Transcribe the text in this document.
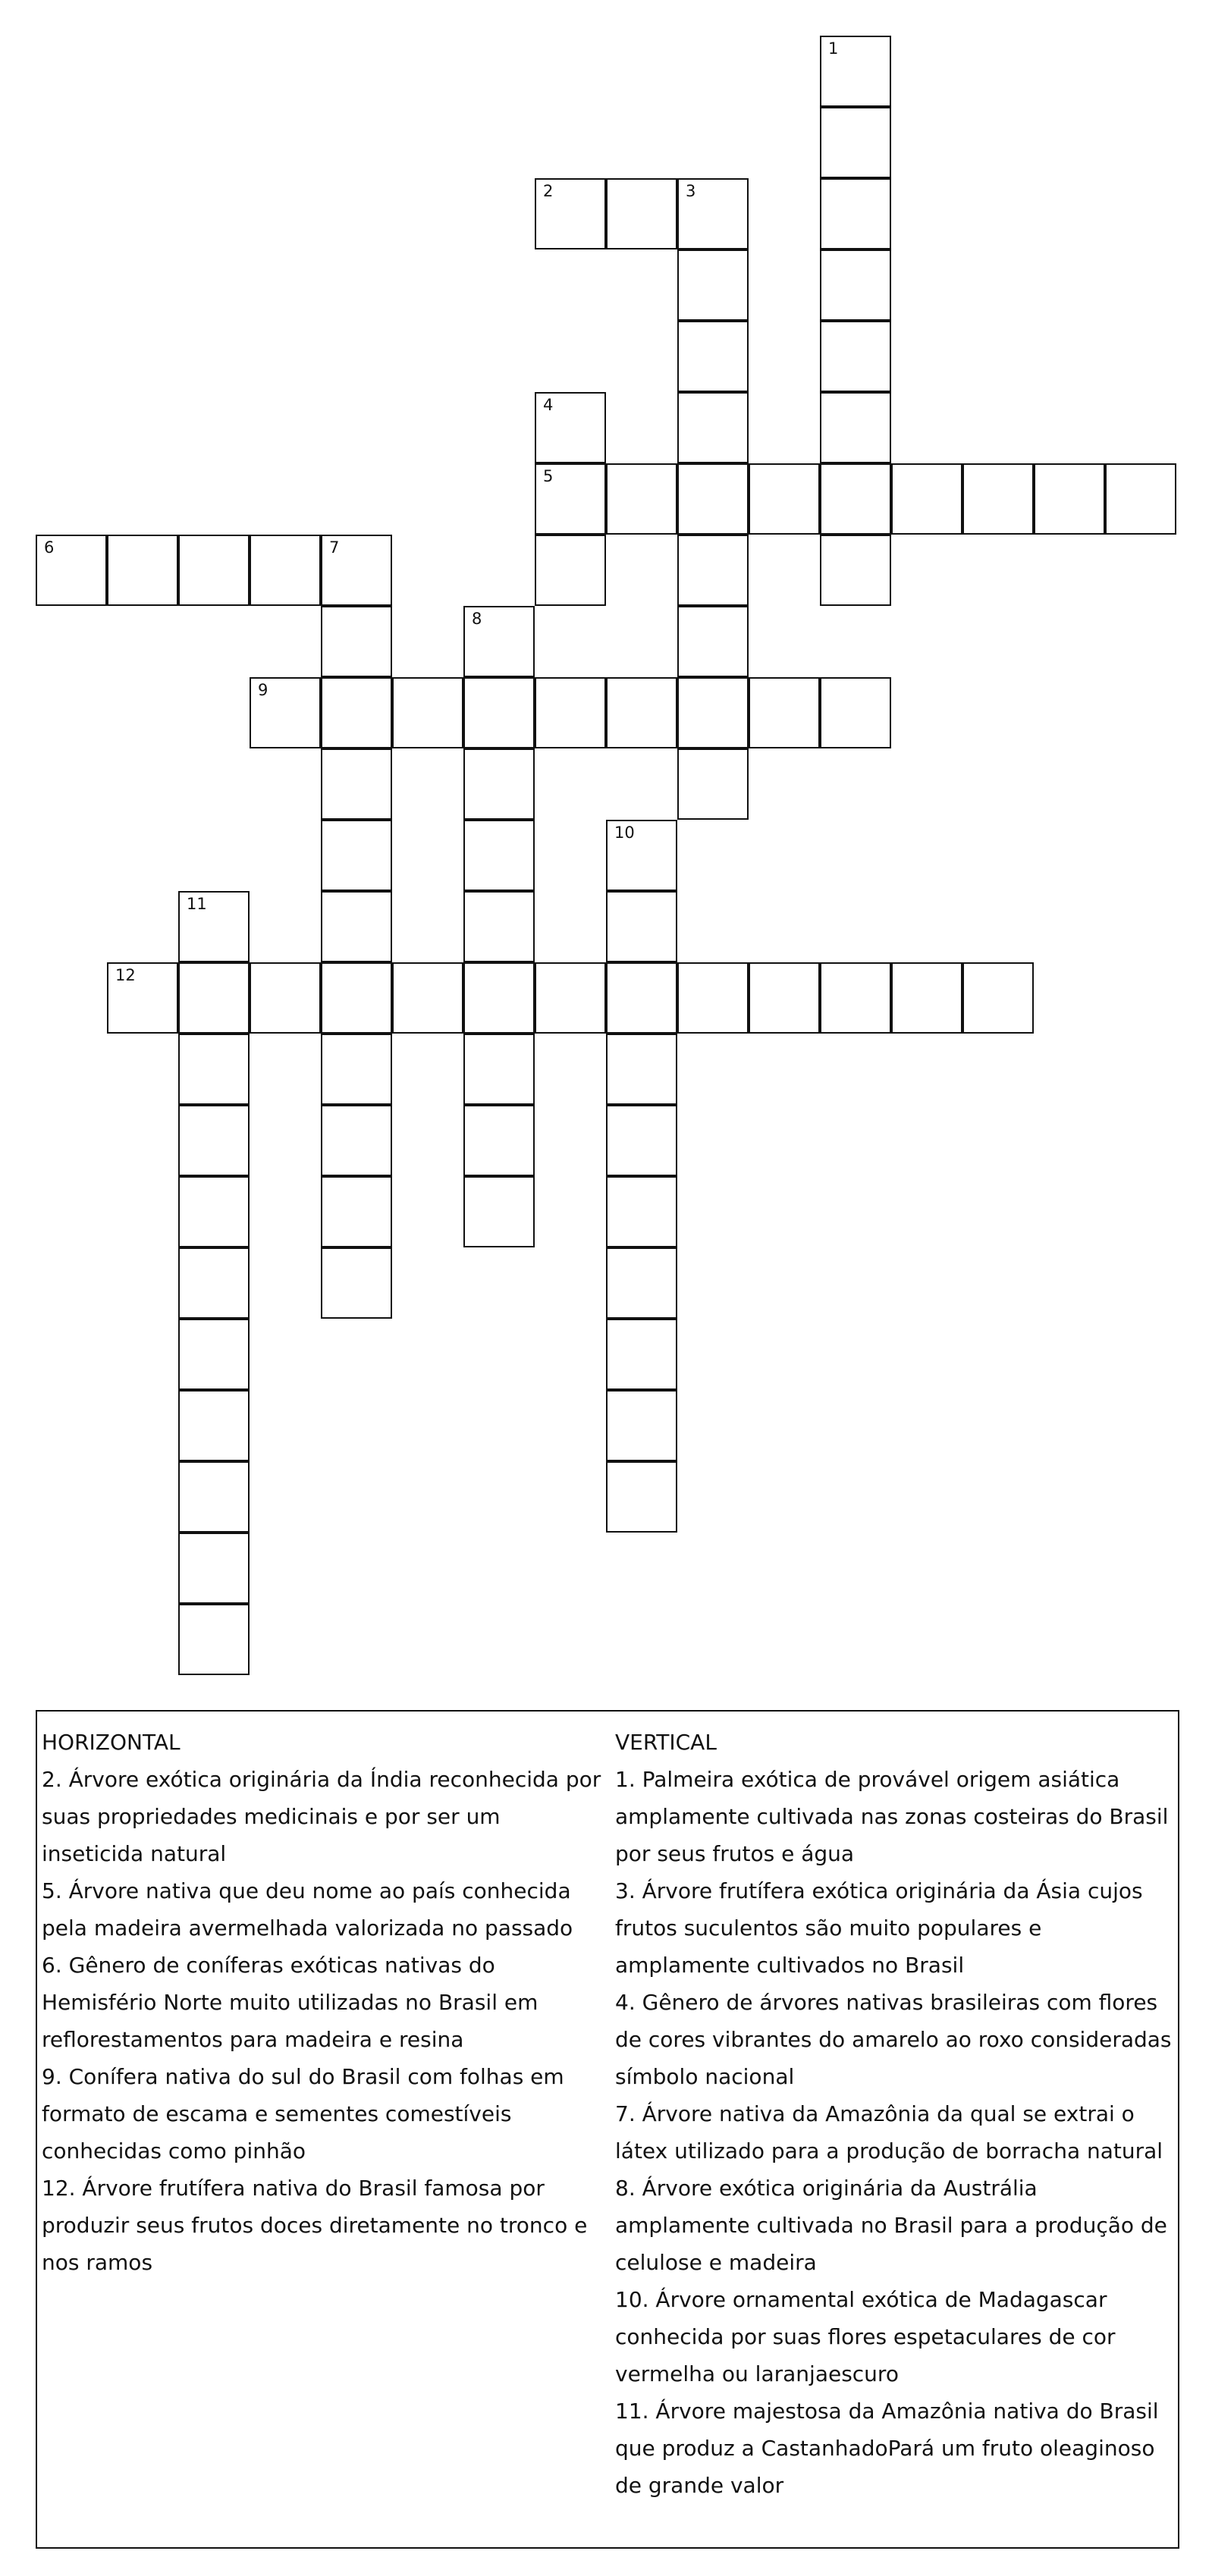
1
2	3
4
5
6	7
8
9
10
11
12
HORIZONTAL
2. Árvore exótica originária da Índia reconhecida por suas propriedades medicinais e por ser um inseticida natural
5. Árvore nativa que deu nome ao país conhecida pela madeira avermelhada valorizada no passado
6. Gênero de coníferas exóticas nativas do Hemisfério Norte muito utilizadas no Brasil em reflorestamentos para madeira e resina
9. Conífera nativa do sul do Brasil com folhas em formato de escama e sementes comestíveis conhecidas como pinhão
12. Árvore frutífera nativa do Brasil famosa por produzir seus frutos doces diretamente no tronco e nos ramos
VERTICAL
1. Palmeira exótica de provável origem asiática amplamente cultivada nas zonas costeiras do Brasil por seus frutos e água
3. Árvore frutífera exótica originária da Ásia cujos frutos suculentos são muito populares e amplamente cultivados no Brasil
4. Gênero de árvores nativas brasileiras com flores de cores vibrantes do amarelo ao roxo consideradas símbolo nacional
7. Árvore nativa da Amazônia da qual se extrai o látex utilizado para a produção de borracha natural
8. Árvore exótica originária da Austrália amplamente cultivada no Brasil para a produção de celulose e madeira
10. Árvore ornamental exótica de Madagascar conhecida por suas flores espetaculares de cor vermelha ou laranjaescuro
11. Árvore majestosa da Amazônia nativa do Brasil que produz a CastanhadoPará um fruto oleaginoso de grande valor
